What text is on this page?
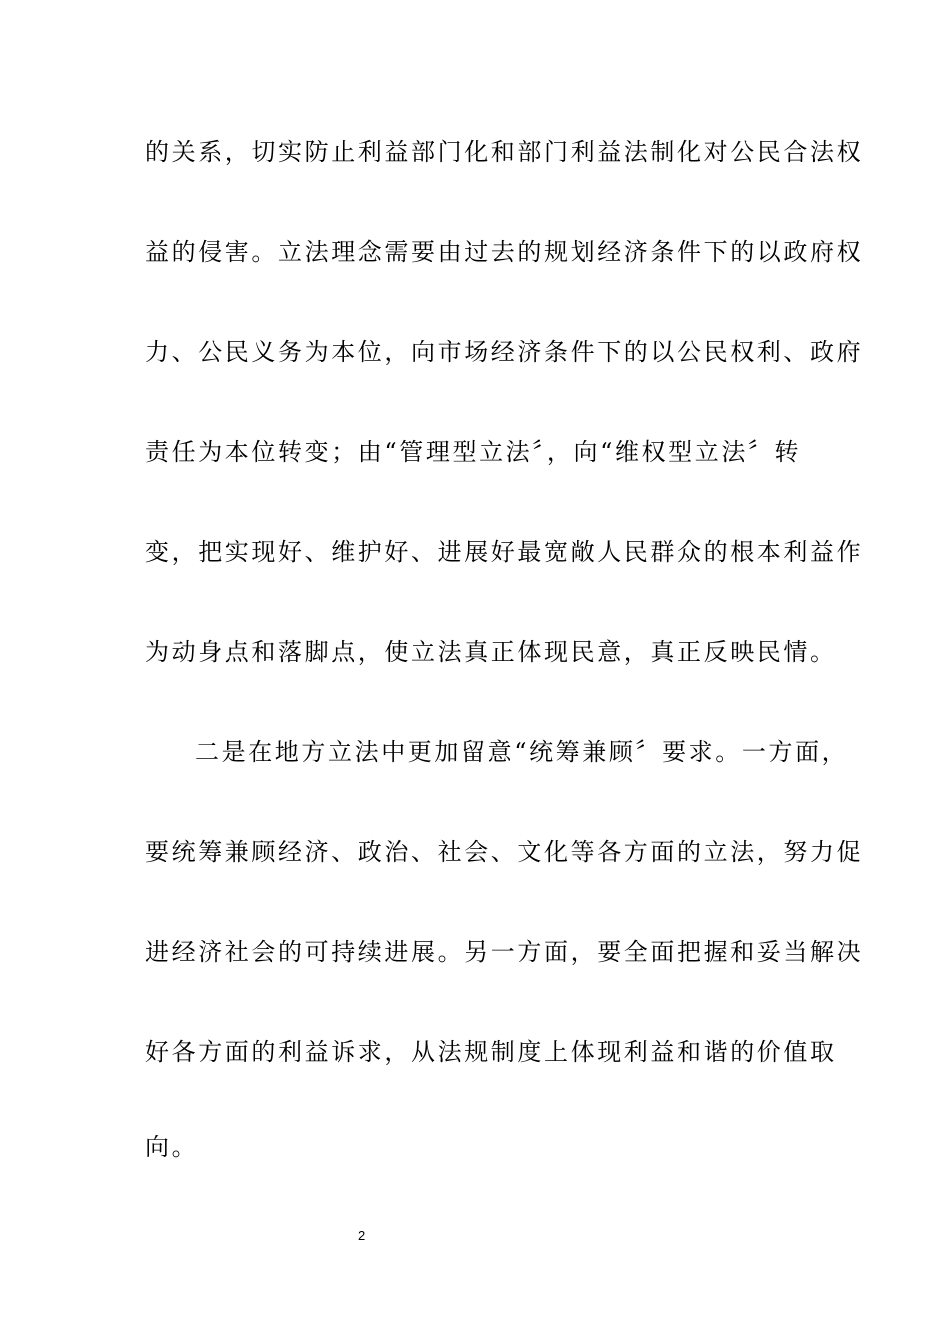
的关系，切实防止利益部门化和部门利益法制化对公民合法权
益的侵害。立法理念需要由过去的规划经济条件下的以政府权
力、公民义务为本位，向市场经济条件下的以公民权利、政府
责任为本位转变；由“管理型立法〞，向“维权型立法〞转
变，把实现好、维护好、进展好最宽敞人民群众的根本利益作
为动身点和落脚点，使立法真正体现民意，真正反映民情。
二是在地方立法中更加留意“统筹兼顾〞要求。一方面，
要统筹兼顾经济、政治、社会、文化等各方面的立法，努力促
进经济社会的可持续进展。另一方面，要全面把握和妥当解决
好各方面的利益诉求，从法规制度上体现利益和谐的价值取
向。
2
